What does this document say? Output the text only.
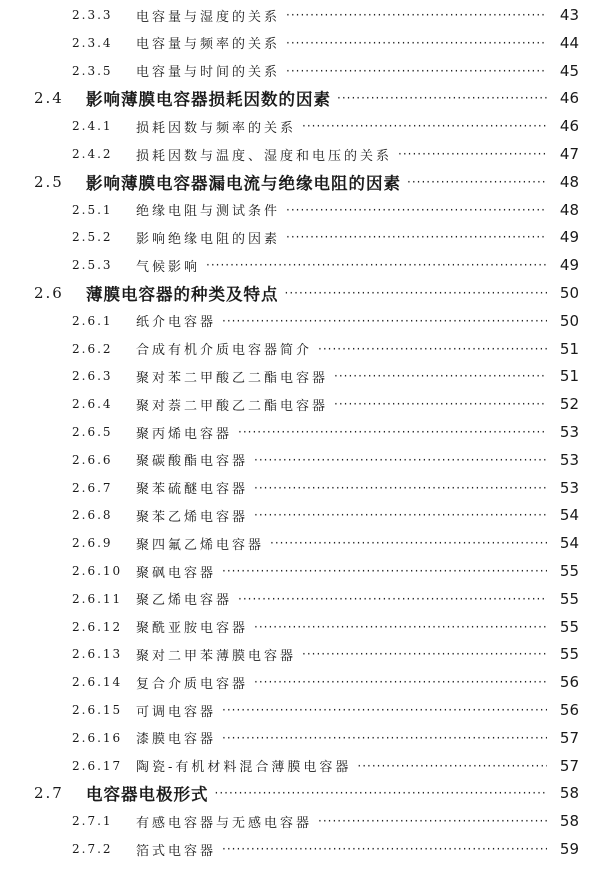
2.3.3	电容量与湿度的关系 ·····	43
2.3.4	电容量与频率的关系 ·····	44
2.3.5	电容量与时间的关系 ·····	45
2.4	影响薄膜电容器损耗因数的因素 ·····	46
2.4.1	损耗因数与频率的关系 ·····	46
2.4.2	损耗因数与温度、湿度和电压的关系 ·····	47
2.5	影响薄膜电容器漏电流与绝缘电阻的因素 ·····	48
2.5.1	绝缘电阻与测试条件 ·····	48
2.5.2	影响绝缘电阻的因素 ·····	49
2.5.3	气候影响 ·····	49
2.6	薄膜电容器的种类及特点 ·····	50
2.6.1	纸介电容器 ·····	50
2.6.2	合成有机介质电容器简介 ·····	51
2.6.3	聚对苯二甲酸乙二酯电容器 ·····	51
2.6.4	聚对萘二甲酸乙二酯电容器 ·····	52
2.6.5	聚丙烯电容器 ·····	53
2.6.6	聚碳酸酯电容器 ·····	53
2.6.7	聚苯硫醚电容器 ·····	53
2.6.8	聚苯乙烯电容器 ·····	54
2.6.9	聚四氟乙烯电容器 ·····	54
2.6.10	聚砜电容器 ·····	55
2.6.11	聚乙烯电容器 ·····	55
2.6.12	聚酰亚胺电容器 ·····	55
2.6.13	聚对二甲苯薄膜电容器 ·····	55
2.6.14	复合介质电容器 ·····	56
2.6.15	可调电容器 ·····	56
2.6.16	漆膜电容器 ·····	57
2.6.17	陶瓷-有机材料混合薄膜电容器 ·····	57
2.7	电容器电极形式 ·····	58
2.7.1	有感电容器与无感电容器 ·····	58
2.7.2	箔式电容器 ·····	59
